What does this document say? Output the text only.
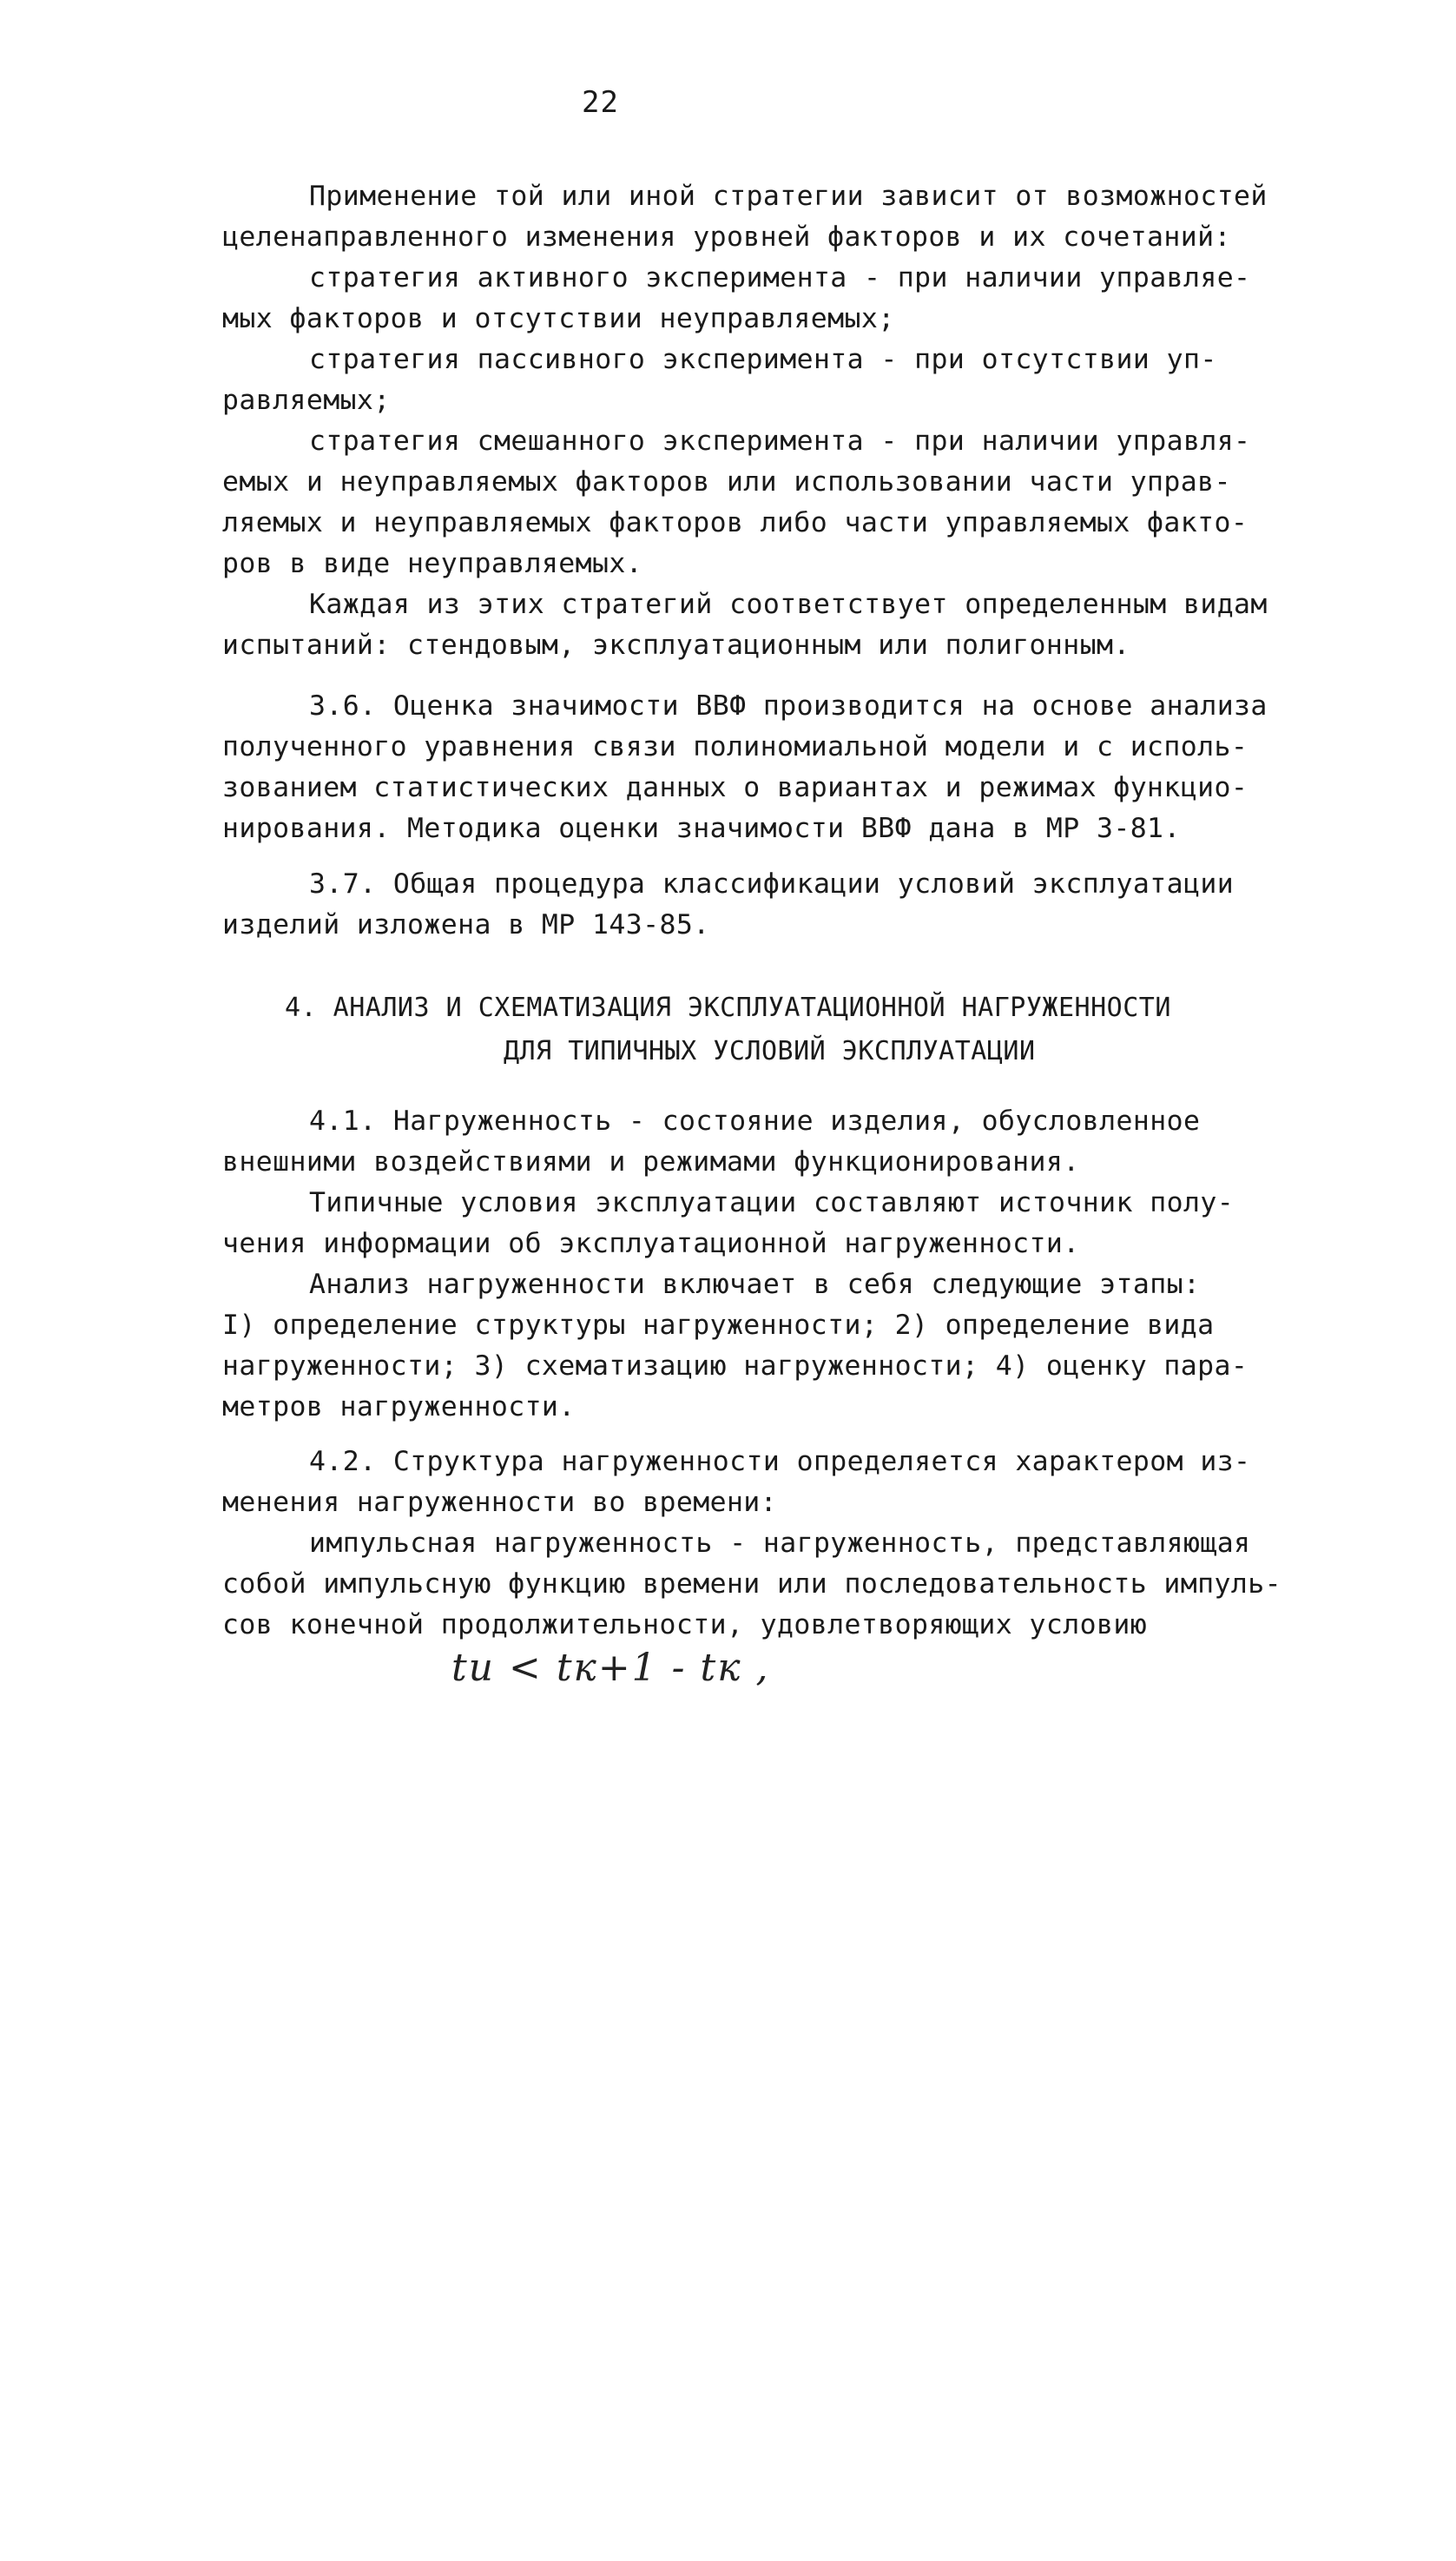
22
Применение той или иной стратегии зависит от возможностей
целенаправленного изменения уровней факторов и их сочетаний:
стратегия активного эксперимента - при наличии управляе-
мых факторов и отсутствии неуправляемых;
стратегия пассивного эксперимента - при отсутствии уп-
равляемых;
стратегия смешанного эксперимента - при наличии управля-
емых и неуправляемых факторов или использовании части управ-
ляемых и неуправляемых факторов либо части управляемых факто-
ров в виде неуправляемых.
Каждая из этих стратегий соответствует определенным видам
испытаний: стендовым, эксплуатационным или полигонным.
3.6. Оценка значимости ВВФ производится на основе анализа
полученного уравнения связи полиномиальной модели и с исполь-
зованием статистических данных о вариантах и режимах функцио-
нирования. Методика оценки значимости ВВФ дана в МР 3-81.
3.7. Общая процедура классификации условий эксплуатации
изделий изложена в МР 143-85.
4. АНАЛИЗ И СХЕМАТИЗАЦИЯ ЭКСПЛУАТАЦИОННОЙ НАГРУЖЕННОСТИ
ДЛЯ ТИПИЧНЫХ УСЛОВИЙ ЭКСПЛУАТАЦИИ
4.1. Нагруженность - состояние изделия, обусловленное
внешними воздействиями и режимами функционирования.
Типичные условия эксплуатации составляют источник полу-
чения информации об эксплуатационной нагруженности.
Анализ нагруженности включает в себя следующие этапы:
I) определение структуры нагруженности; 2) определение вида
нагруженности; 3) схематизацию нагруженности; 4) оценку пара-
метров нагруженности.
4.2. Структура нагруженности определяется характером из-
менения нагруженности во времени:
импульсная нагруженность - нагруженность, представляющая
собой импульсную функцию времени или последовательность импуль-
сов конечной продолжительности, удовлетворяющих условию
tи < tк+1 - tк ,
